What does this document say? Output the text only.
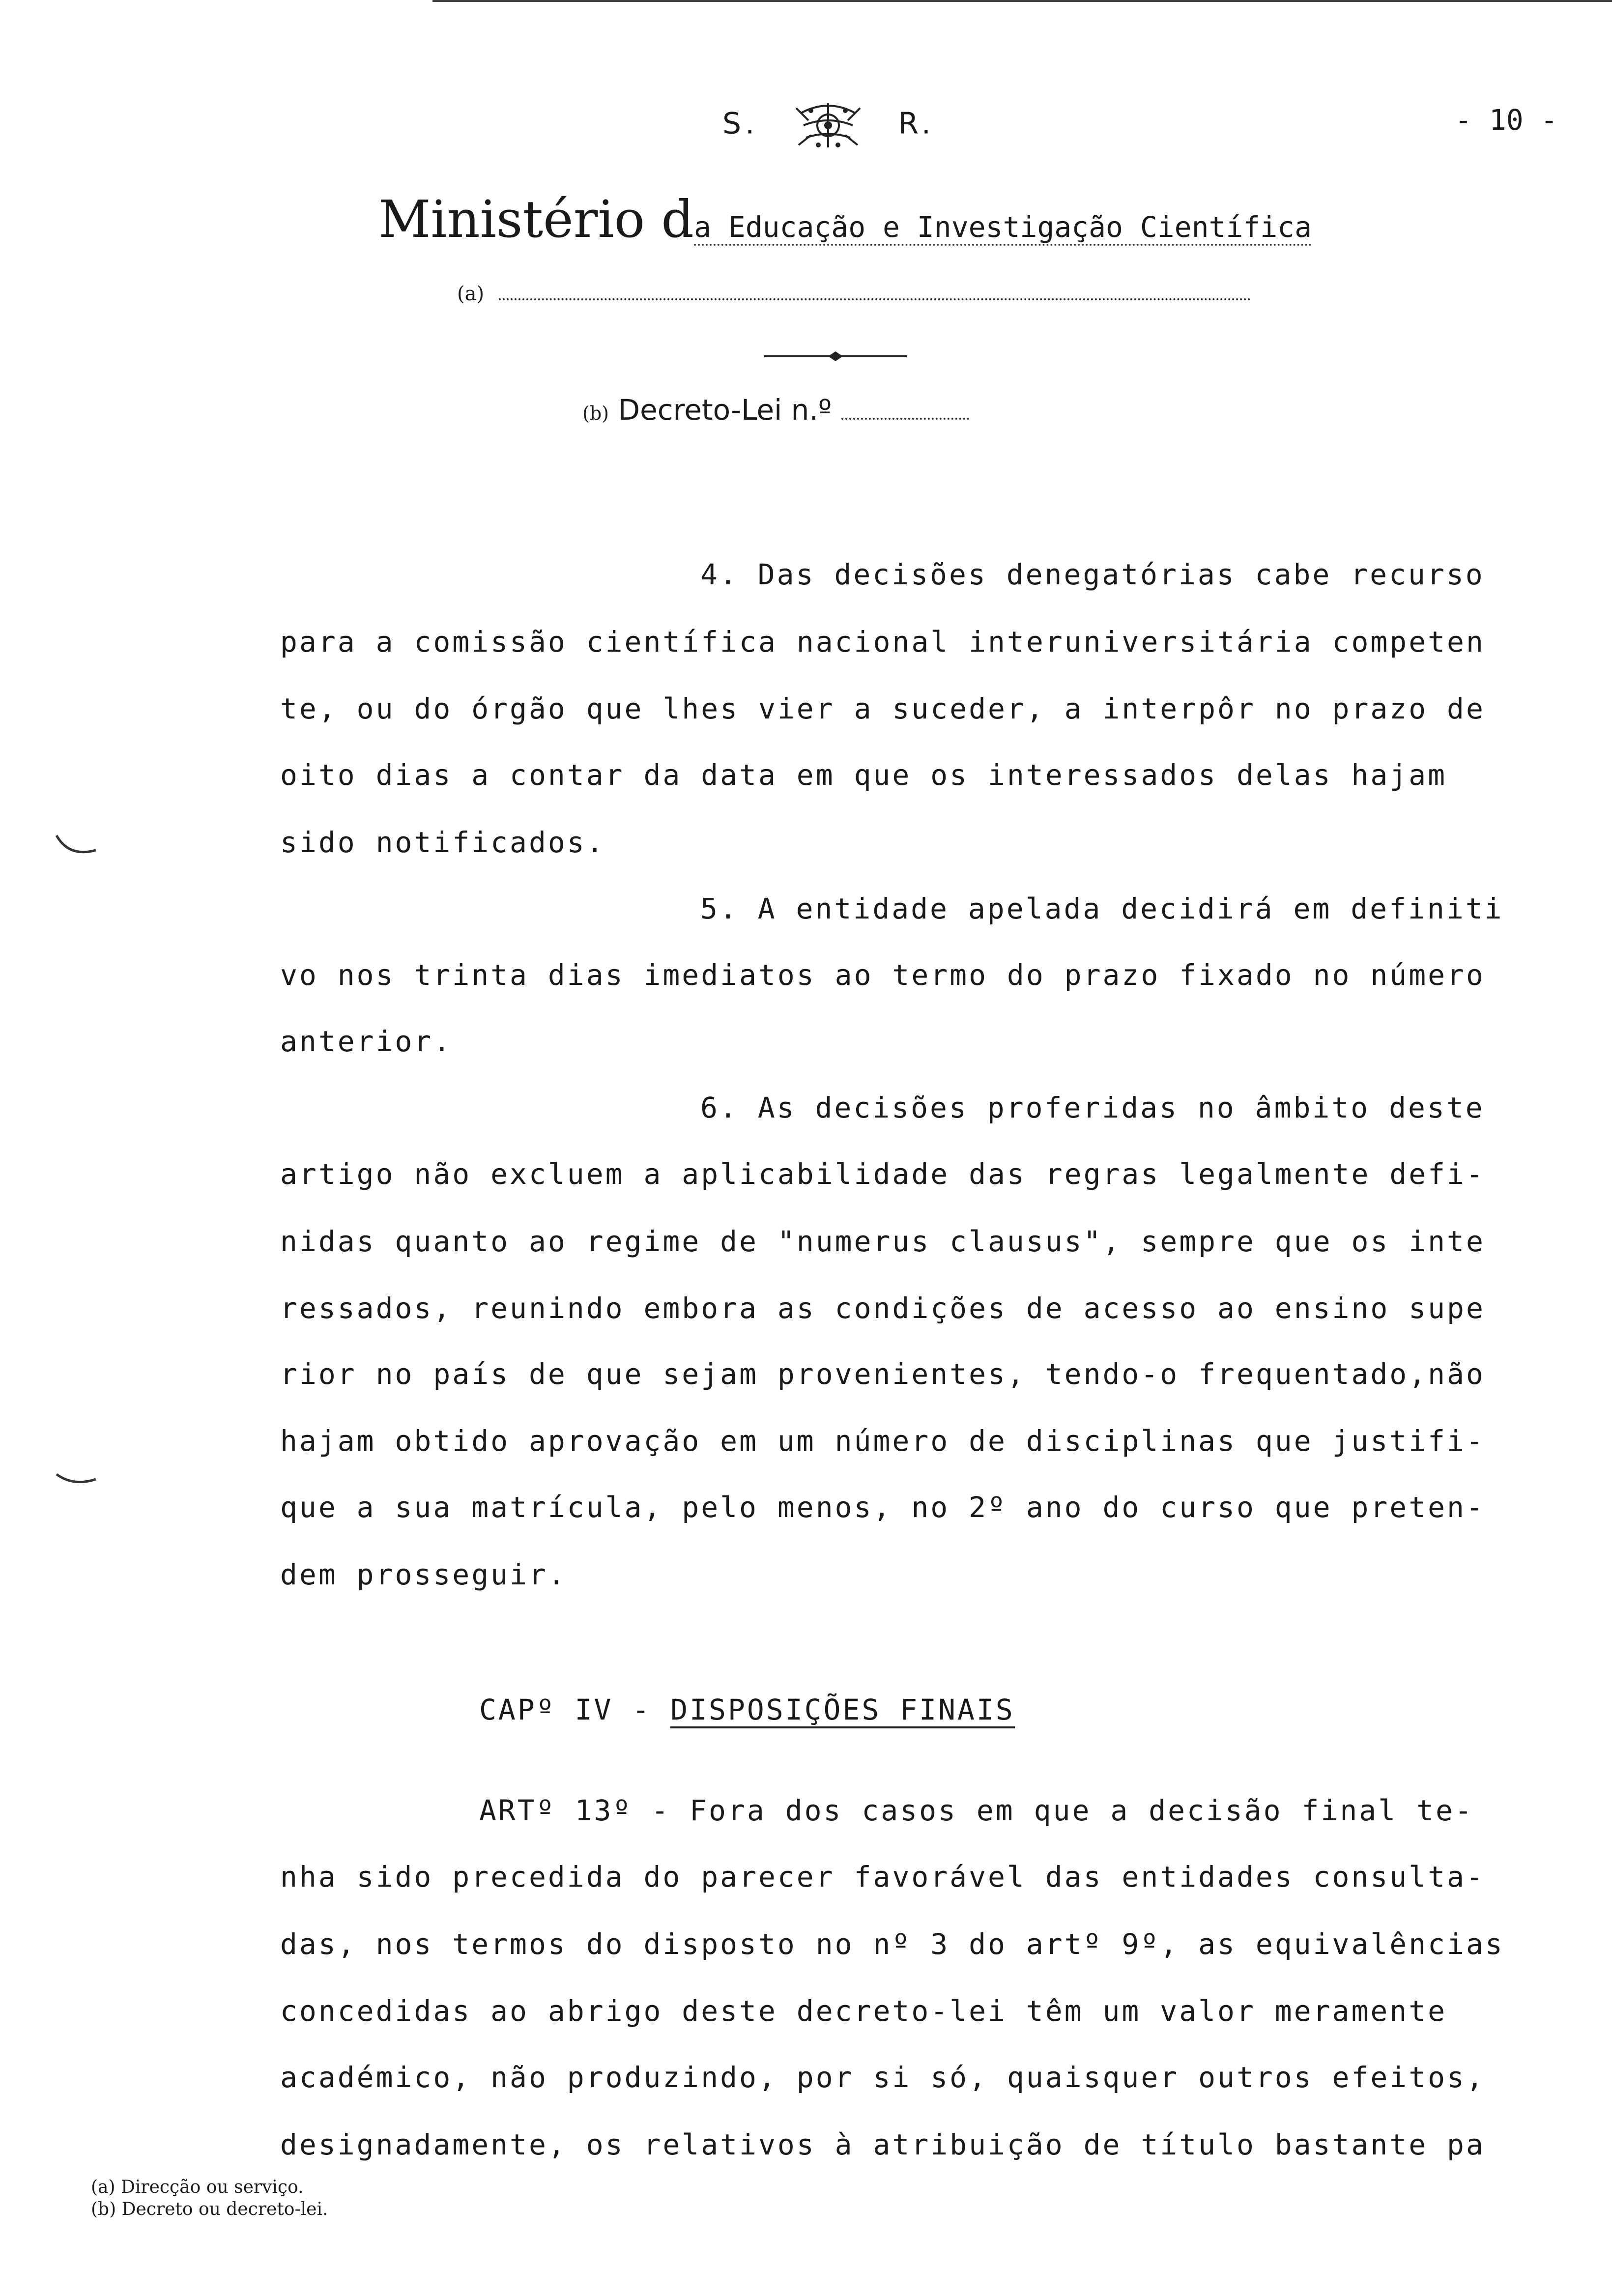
S.	R.	- 10 -
Ministério da Educação e Investigação Científica
(a)
(b) Decreto-Lei n.º
4. Das decisões denegatórias cabe recurso
para a comissão científica nacional interuniversitária competen
te, ou do órgão que lhes vier a suceder, a interpôr no prazo de
oito dias a contar da data em que os interessados delas hajam
sido notificados.
5. A entidade apelada decidirá em definiti
vo nos trinta dias imediatos ao termo do prazo fixado no número
anterior.
6. As decisões proferidas no âmbito deste
artigo não excluem a aplicabilidade das regras legalmente defi-
nidas quanto ao regime de "numerus clausus", sempre que os inte
ressados, reunindo embora as condições de acesso ao ensino supe
rior no país de que sejam provenientes, tendo-o frequentado,não
hajam obtido aprovação em um número de disciplinas que justifi-
que a sua matrícula, pelo menos, no 2º ano do curso que preten-
dem prosseguir.
CAPº IV - DISPOSIÇÕES FINAIS
ARTº 13º - Fora dos casos em que a decisão final te-
nha sido precedida do parecer favorável das entidades consulta-
das, nos termos do disposto no nº 3 do artº 9º, as equivalências
concedidas ao abrigo deste decreto-lei têm um valor meramente
académico, não produzindo, por si só, quaisquer outros efeitos,
designadamente, os relativos à atribuição de título bastante pa
(a) Direcção ou serviço.
(b) Decreto ou decreto-lei.
